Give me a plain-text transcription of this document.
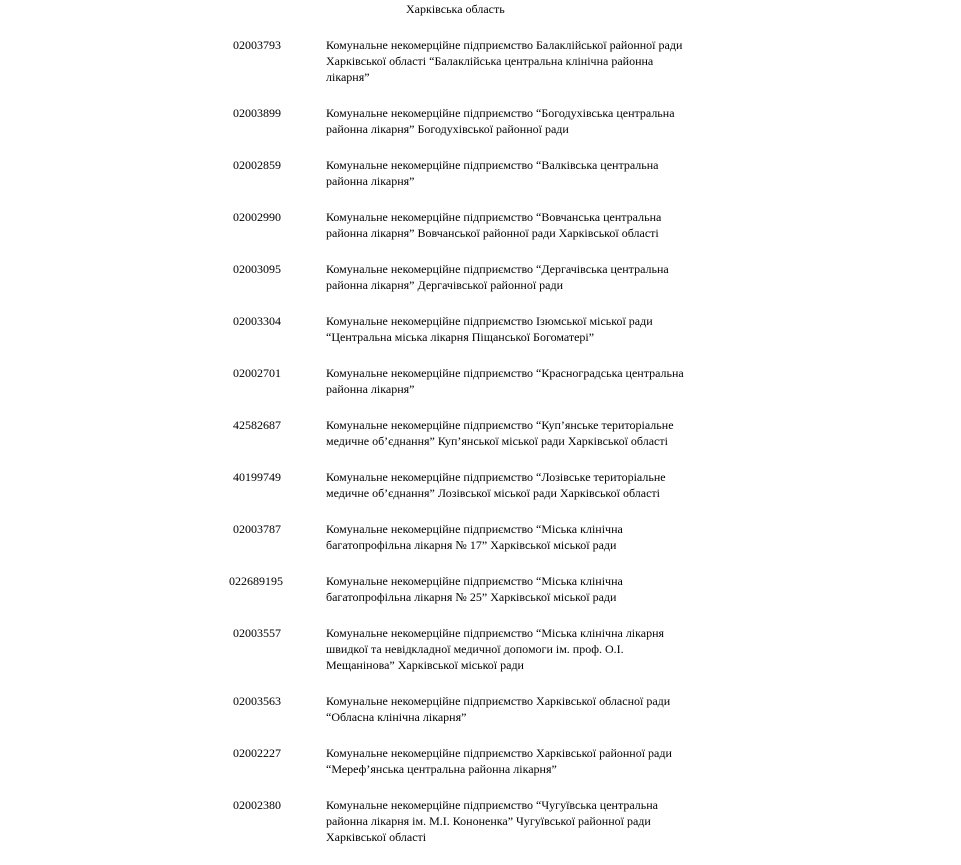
Харківська область
02003793	Комунальне некомерційне підприємство Балаклійської районної ради
Харківської області “Балаклійська центральна клінічна районна
лікарня”
02003899	Комунальне некомерційне підприємство “Богодухівська центральна
районна лікарня” Богодухівської районної ради
02002859	Комунальне некомерційне підприємство “Валківська центральна
районна лікарня”
02002990	Комунальне некомерційне підприємство “Вовчанська центральна
районна лікарня” Вовчанської районної ради Харківської області
02003095	Комунальне некомерційне підприємство “Дергачівська центральна
районна лікарня” Дергачівської районної ради
02003304	Комунальне некомерційне підприємство Ізюмської міської ради
“Центральна міська лікарня Піщанської Богоматері”
02002701	Комунальне некомерційне підприємство “Красноградська центральна
районна лікарня”
42582687	Комунальне некомерційне підприємство “Куп’янське територіальне
медичне об’єднання” Куп’янської міської ради Харківської області
40199749	Комунальне некомерційне підприємство “Лозівське територіальне
медичне об’єднання” Лозівської міської ради Харківської області
02003787	Комунальне некомерційне підприємство “Міська клінічна
багатопрофільна лікарня № 17” Харківської міської ради
022689195	Комунальне некомерційне підприємство “Міська клінічна
багатопрофільна лікарня № 25” Харківської міської ради
02003557	Комунальне некомерційне підприємство “Міська клінічна лікарня
швидкої та невідкладної медичної допомоги ім. проф. О.І.
Мещанінова” Харківської міської ради
02003563	Комунальне некомерційне підприємство Харківської обласної ради
“Обласна клінічна лікарня”
02002227	Комунальне некомерційне підприємство Харківської районної ради
“Мереф’янська центральна районна лікарня”
02002380	Комунальне некомерційне підприємство “Чугуївська центральна
районна лікарня ім. М.І. Кононенка” Чугуївської районної ради
Харківської області
